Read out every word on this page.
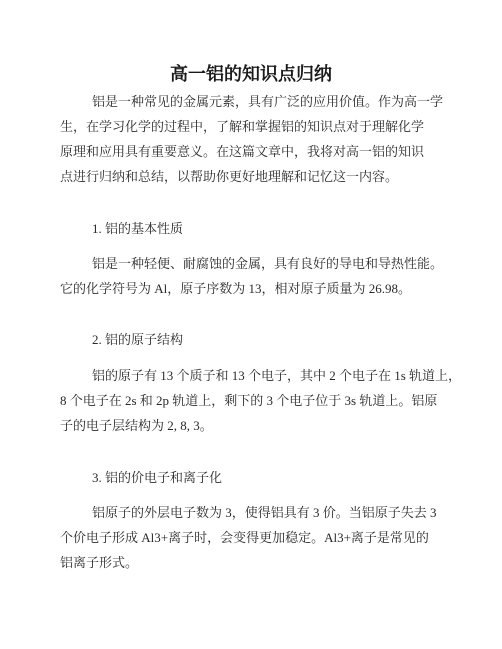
高一铝的知识点归纳
铝是一种常见的金属元素，具有广泛的应用价值。作为高一学
生，在学习化学的过程中，了解和掌握铝的知识点对于理解化学
原理和应用具有重要意义。在这篇文章中，我将对高一铝的知识
点进行归纳和总结，以帮助你更好地理解和记忆这一内容。
1. 铝的基本性质
铝是一种轻便、耐腐蚀的金属，具有良好的导电和导热性能。
它的化学符号为 Al，原子序数为 13，相对原子质量为 26.98。
2. 铝的原子结构
铝的原子有 13 个质子和 13 个电子，其中 2 个电子在 1s 轨道上，
8 个电子在 2s 和 2p 轨道上，剩下的 3 个电子位于 3s 轨道上。铝原
子的电子层结构为 2, 8, 3。
3. 铝的价电子和离子化
铝原子的外层电子数为 3，使得铝具有 3 价。当铝原子失去 3
个价电子形成 Al3+离子时，会变得更加稳定。Al3+离子是常见的
铝离子形式。
